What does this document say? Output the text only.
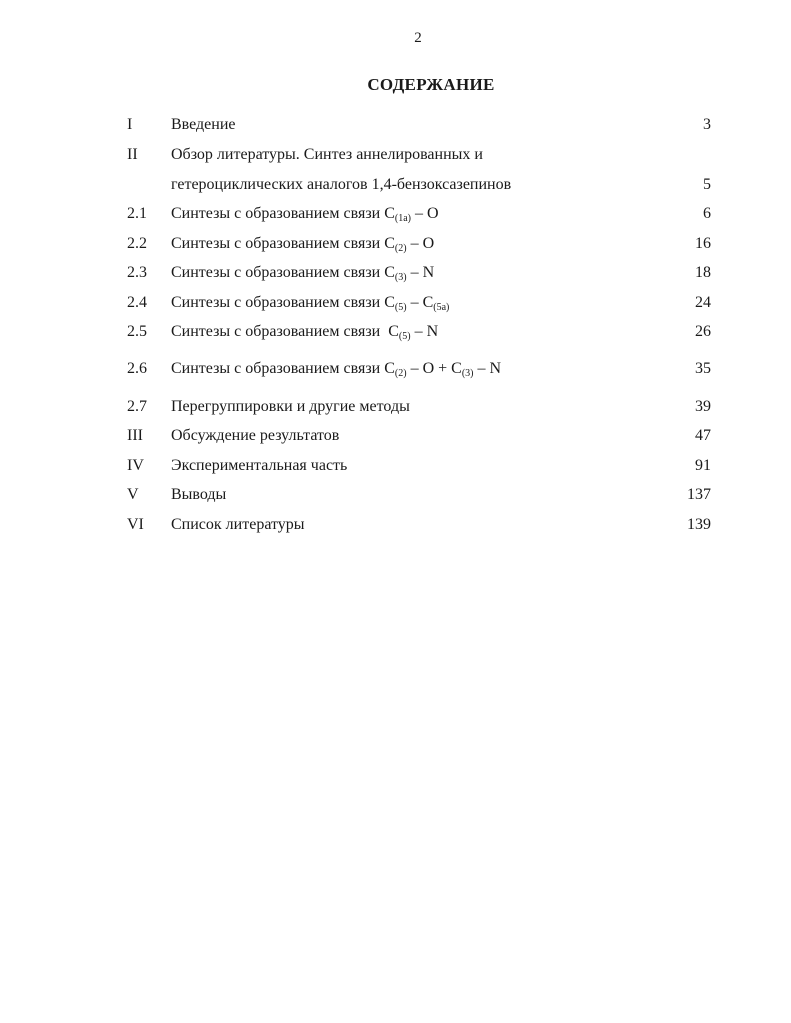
2
СОДЕРЖАНИЕ
I Введение	3
II Обзор литературы. Синтез аннелированных и
гетероциклических аналогов 1,4-бензоксазепинов	5
2.1 Синтезы с образованием связи $C_{(1a)}$ – O	6
2.2 Синтезы с образованием связи $C_{(2)}$ – O	16
2.3 Синтезы с образованием связи $C_{(3)}$ – N	18
2.4 Синтезы с образованием связи $C_{(5)} - C_{(5a)}$	24
2.5 Синтезы с образованием связи  $C_{(5)}$ – N	26
2.6 Синтезы с образованием связи $C_{(2)} - O + C_{(3)} - N$	35
2.7 Перегруппировки и другие методы	39
III Обсуждение результатов	47
IV Экспериментальная часть	91
V Выводы	137
VI Список литературы	139
